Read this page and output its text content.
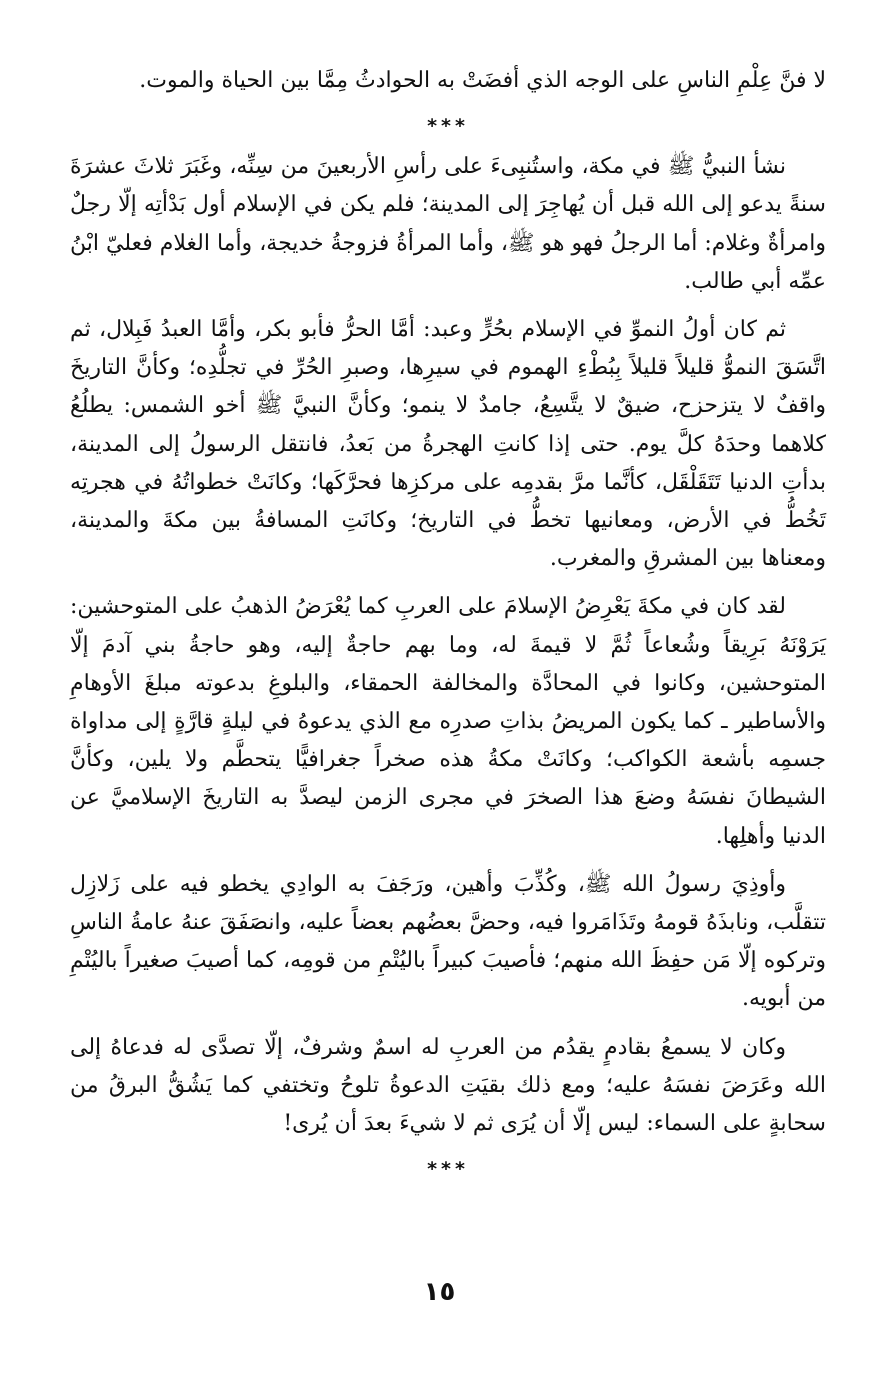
لا فنَّ عِلْمِ الناسِ على الوجه الذي أفضَتْ به الحوادثُ مِمَّا بين الحياة والموت.

***

نشأ النبيُّ ﷺ في مكة، واستُنبِىءَ على رأسِ الأربعينَ من سِنِّه، وغَبَرَ ثلاثَ عشرَةَ سنةً يدعو إلى الله قبل أن يُهاجِرَ إلى المدينة؛ فلم يكن في الإسلام أول بَدْأتِه إلّا رجلٌ وامرأةٌ وغلام: أما الرجلُ فهو هو ﷺ، وأما المرأةُ فزوجةُ خديجة، وأما الغلام فعليّ ابْنُ عمِّه أبي طالب.

ثم كان أولُ النموِّ في الإسلام بحُرٍّ وعبد: أمَّا الحرُّ فأبو بكر، وأمَّا العبدُ فَبِلال، ثم اتَّسَقَ النموُّ قليلاً قليلاً بِبُطْءِ الهموم في سيرِها، وصبرِ الحُرِّ في تجلُّدِه؛ وكأنَّ التاريخَ واقفٌ لا يتزحزح، ضيقٌ لا يتَّسِعُ، جامدٌ لا ينمو؛ وكأنَّ النبيَّ ﷺ أخو الشمس: يطلُعُ كلاهما وحدَهُ كلَّ يوم. حتى إذا كانتِ الهجرةُ من بَعدُ، فانتقل الرسولُ إلى المدينة، بدأتِ الدنيا تَتَقَلْقَل، كأنَّما مرَّ بقدمِه على مركزِها فحرَّكَها؛ وكانَتْ خطواتُهُ في هجرتِه تَخُطُّ في الأرض، ومعانيها تخطُّ في التاريخ؛ وكانَتِ المسافةُ بين مكةَ والمدينة، ومعناها بين المشرقِ والمغرب.

لقد كان في مكةَ يَعْرِضُ الإسلامَ على العربِ كما يُعْرَضُ الذهبُ على المتوحشين: يَرَوْنَهُ بَرِيقاً وشُعاعاً ثُمَّ لا قيمةَ له، وما بهم حاجةٌ إليه، وهو حاجةُ بني آدمَ إلّا المتوحشين، وكانوا في المحادَّة والمخالفة الحمقاء، والبلوغِ بدعوته مبلغَ الأوهامِ والأساطير ـ كما يكون المريضُ بذاتِ صدرِه مع الذي يدعوهُ في ليلةٍ قارَّةٍ إلى مداواة جسمِه بأشعة الكواكب؛ وكانَتْ مكةُ هذه صخراً جغرافيًّا يتحطَّم ولا يلين، وكأنَّ الشيطانَ نفسَهُ وضعَ هذا الصخرَ في مجرى الزمن ليصدَّ به التاريخَ الإسلاميَّ عن الدنيا وأهلِها.

وأوذِيَ رسولُ الله ﷺ، وكُذِّبَ وأهين، ورَجَفَ به الوادِي يخطو فيه على زَلازِل تتقلَّب، ونابذَهُ قومهُ وتَذَامَروا فيه، وحضَّ بعضُهم بعضاً عليه، وانصَفَقَ عنهُ عامةُ الناسِ وتركوه إلّا مَن حفِظَ الله منهم؛ فأصيبَ كبيراً باليُتْمِ من قومِه، كما أصيبَ صغيراً باليُتْمِ من أبويه.

وكان لا يسمعُ بقادمٍ يقدُم من العربِ له اسمٌ وشرفٌ، إلّا تصدَّى له فدعاهُ إلى الله وعَرَضَ نفسَهُ عليه؛ ومع ذلك بقيَتِ الدعوةُ تلوحُ وتختفي كما يَشُقُّ البرقُ من سحابةٍ على السماء: ليس إلّا أن يُرَى ثم لا شيءَ بعدَ أن يُرى!

***

١٥
